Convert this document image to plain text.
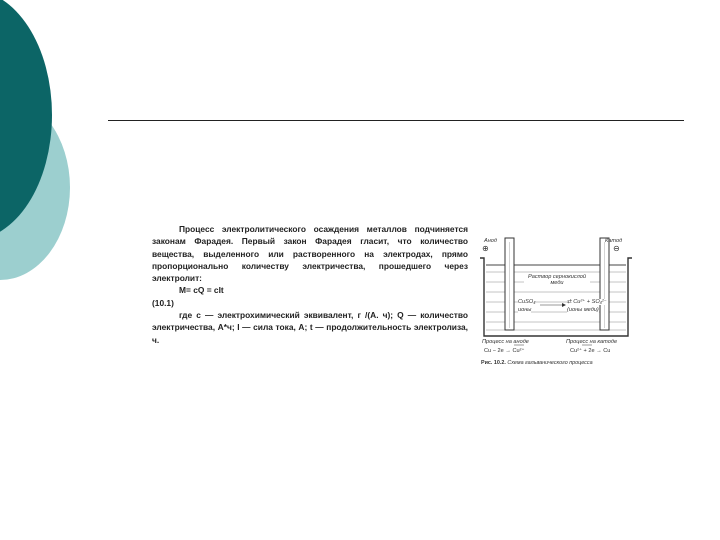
Процесс электролитического осаждения металлов подчиняется законам Фарадея. Первый закон Фарадея гласит, что количество вещества, выделенного или растворенного на электродах, прямо пропорционально количеству электричества, прошедшего через электролит:

M= cQ = cIt

(10.1)

где с — электрохимический эквивалент, г /(А. ч); Q — количество электричества, А*ч; I — сила тока, А; t — продолжительность электролиза, ч.

Анод
⊕
Катод
⊖
Раствор сернокислой меди
CuSO₄
ионы
⇄ Cu²⁺ + SO₄²⁻
(ионы меди)
Процесс на аноде
Cu − 2e → Cu²⁺
Процесс на катоде
Cu²⁺ + 2e → Cu
Рис. 10.2. Схема гальванического процесса
